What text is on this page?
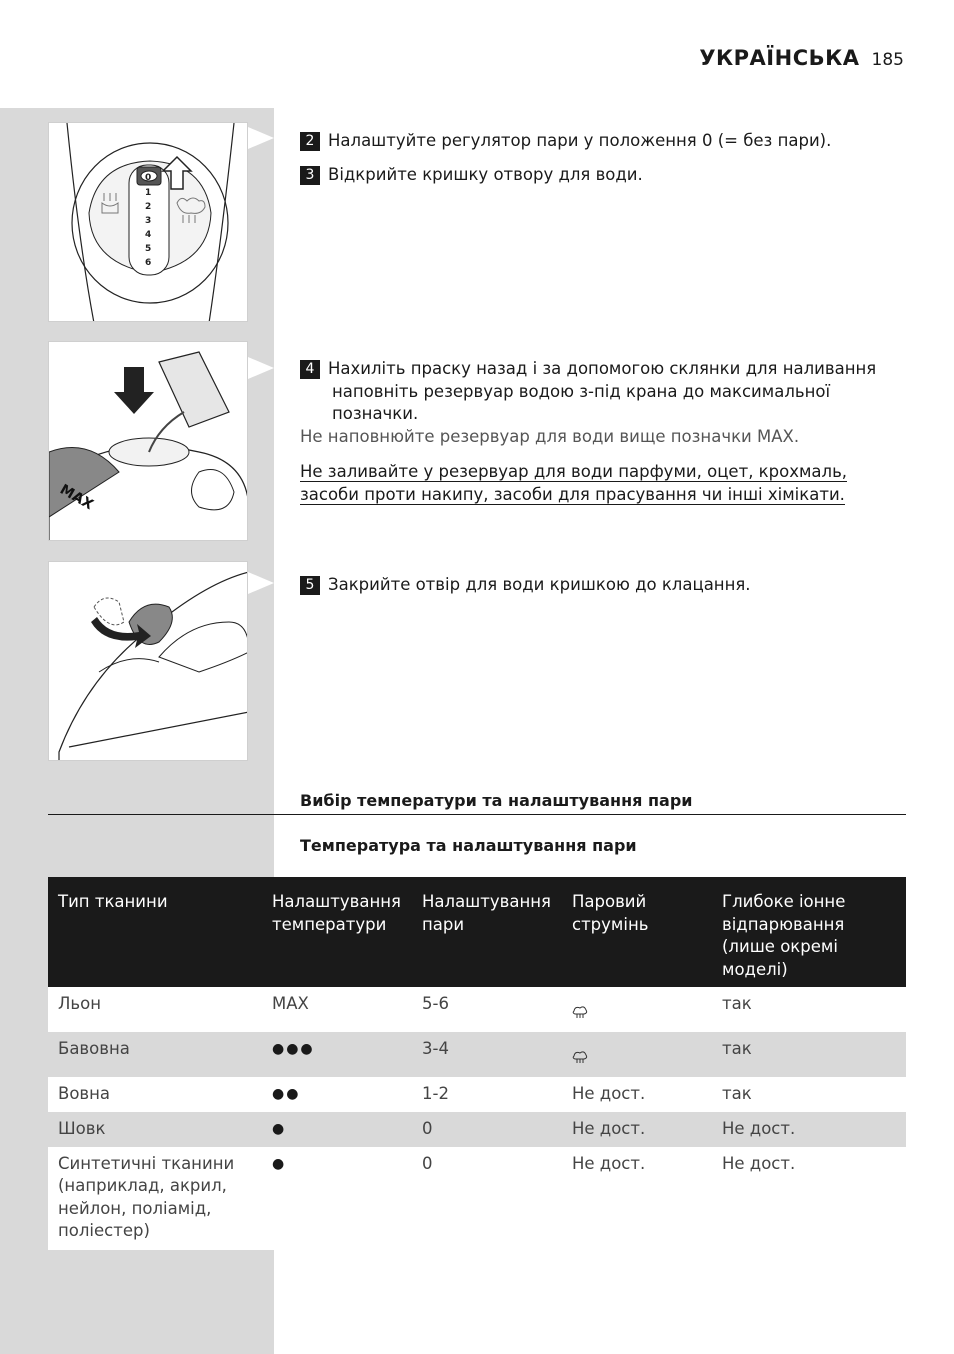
УКРАЇНСЬКА 185
0
1
2
3
4
5
6
MAX
2 Налаштуйте регулятор пари у положення 0 (= без пари).
3 Відкрийте кришку отвору для води.
4 Нахиліть праску назад і за допомогою склянки для наливання наповніть резервуар водою з-під крана до максимальної позначки.
Не наповнюйте резервуар для води вище позначки MAX.
Не заливайте у резервуар для води парфуми, оцет, крохмаль, засоби проти накипу, засоби для прасування чи інші хімікати.
5 Закрийте отвір для води кришкою до клацання.
Вибір температури та налаштування пари
Температура та налаштування пари
Тип тканини	Налаштування температури	Налаштування пари	Паровий струмінь	Глибоке іонне відпарювання (лише окремі моделі)
Льон	MAX	5-6		так
Бавовна	●●●	3-4		так
Вовна	●●	1-2	Не дост.	так
Шовк	●	0	Не дост.	Не дост.
Синтетичні тканини (наприклад, акрил, нейлон, поліамід, поліестер)	●	0	Не дост.	Не дост.
